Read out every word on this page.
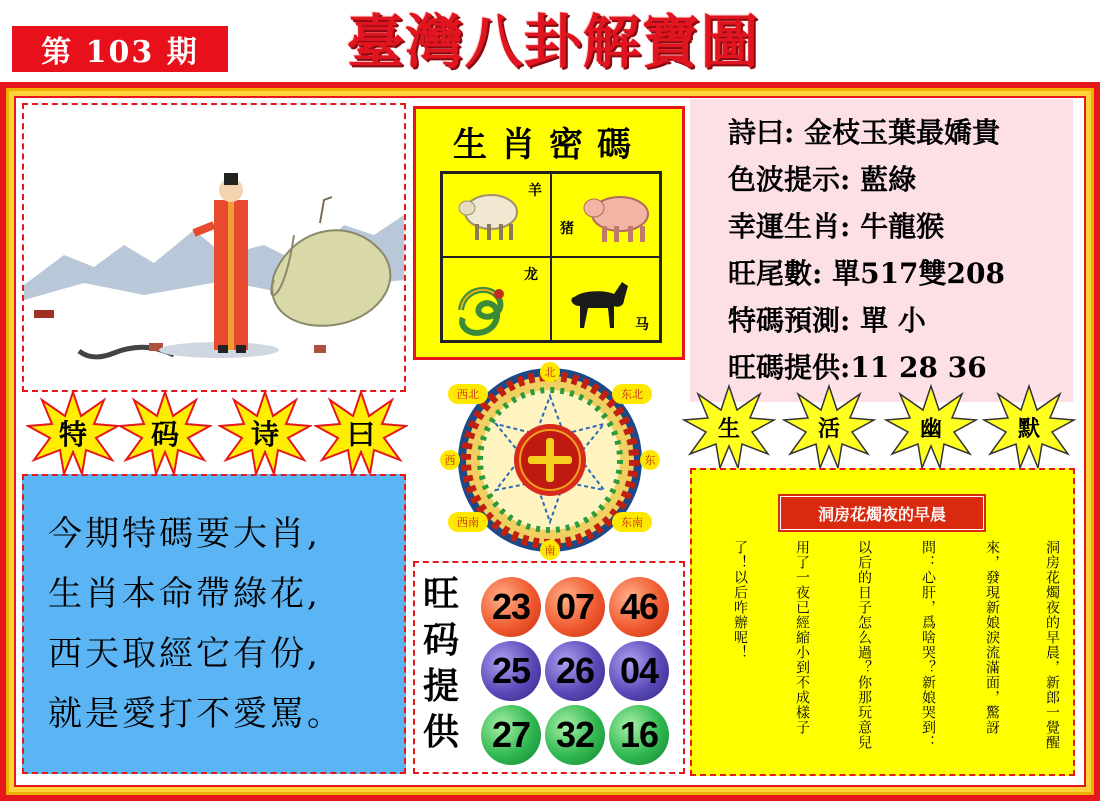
第 103 期	臺灣八卦解寶圖
生肖密碼
羊
猪
龙
马
詩曰: 金枝玉葉最嬌貴
色波提示: 藍綠
幸運生肖: 牛龍猴
旺尾數: 單517雙208
特碼預測: 單 小
旺碼提供:11 28 36
特	码	诗	曰	生	活	幽	默
北
南
西	东
西北	东北
西南	东南
今期特碼要大肖,
生肖本命帶綠花,
西天取經它有份,
就是愛打不愛罵。
旺码提供
23 07 46
25 26 04
27 32 16
洞房花燭夜的早晨
洞房花燭夜的早晨，新郎一覺醒
來，發現新娘淚流滿面，驚訝
問：心肝，爲啥哭？新娘哭到：
以后的日子怎么過？你那玩意兒
用了一夜已經縮小到不成樣子
了！以后咋辦呢！
